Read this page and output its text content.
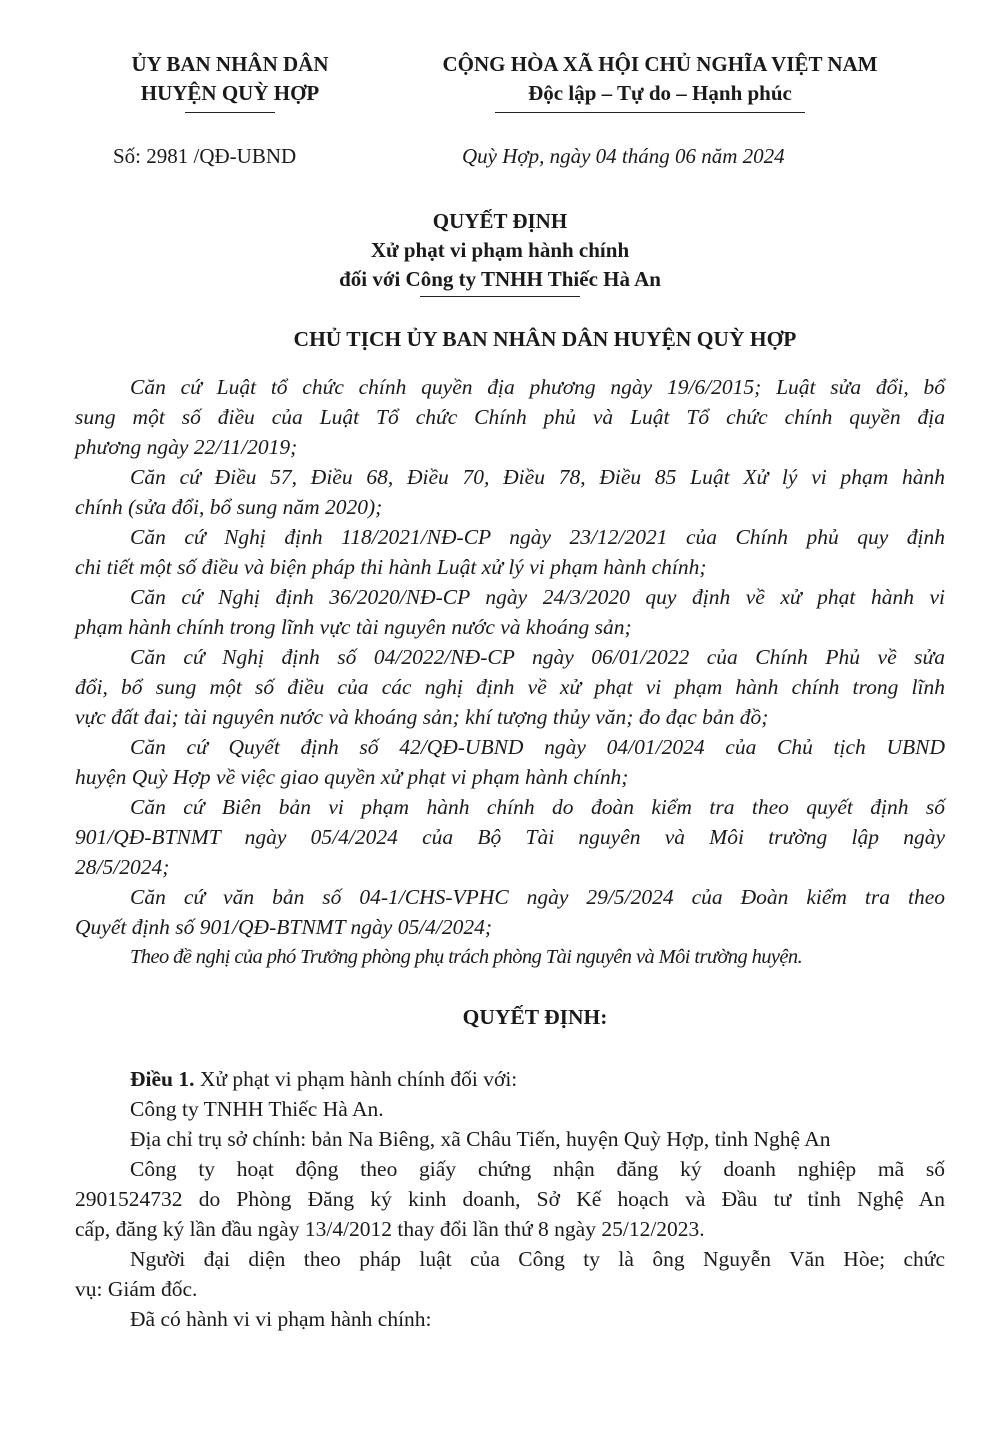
ỦY BAN NHÂN DÂN
HUYỆN QUỲ HỢP
CỘNG HÒA XÃ HỘI CHỦ NGHĨA VIỆT NAM
Độc lập – Tự do – Hạnh phúc
Số: 2981 /QĐ-UBND	Quỳ Hợp, ngày 04 tháng 06 năm 2024
QUYẾT ĐỊNH
Xử phạt vi phạm hành chính
đối với Công ty TNHH Thiếc Hà An
CHỦ TỊCH ỦY BAN NHÂN DÂN HUYỆN QUỲ HỢP
Căn cứ Luật tổ chức chính quyền địa phương ngày 19/6/2015; Luật sửa đổi, bổ
sung một số điều của Luật Tổ chức Chính phủ và Luật Tổ chức chính quyền địa
phương ngày 22/11/2019;
Căn cứ Điều 57, Điều 68, Điều 70, Điều 78, Điều 85 Luật Xử lý vi phạm hành
chính (sửa đổi, bổ sung năm 2020);
Căn cứ Nghị định 118/2021/NĐ-CP ngày 23/12/2021 của Chính phủ quy định
chi tiết một số điều và biện pháp thi hành Luật xử lý vi phạm hành chính;
Căn cứ Nghị định 36/2020/NĐ-CP ngày 24/3/2020 quy định về xử phạt hành vi
phạm hành chính trong lĩnh vực tài nguyên nước và khoáng sản;
Căn cứ Nghị định số 04/2022/NĐ-CP ngày 06/01/2022 của Chính Phủ về sửa
đổi, bổ sung một số điều của các nghị định về xử phạt vi phạm hành chính trong lĩnh
vực đất đai; tài nguyên nước và khoáng sản; khí tượng thủy văn; đo đạc bản đồ;
Căn cứ Quyết định số 42/QĐ-UBND ngày 04/01/2024 của Chủ tịch UBND
huyện Quỳ Hợp về việc giao quyền xử phạt vi phạm hành chính;
Căn cứ Biên bản vi phạm hành chính do đoàn kiểm tra theo quyết định số
901/QĐ-BTNMT ngày 05/4/2024 của Bộ Tài nguyên và Môi trường lập ngày
28/5/2024;
Căn cứ văn bản số 04-1/CHS-VPHC ngày 29/5/2024 của Đoàn kiểm tra theo
Quyết định số 901/QĐ-BTNMT ngày 05/4/2024;
Theo đề nghị của phó Trưởng phòng phụ trách phòng Tài nguyên và Môi trường huyện.
QUYẾT ĐỊNH:
Điều 1. Xử phạt vi phạm hành chính đối với:
Công ty TNHH Thiếc Hà An.
Địa chỉ trụ sở chính: bản Na Biêng, xã Châu Tiến, huyện Quỳ Hợp, tỉnh Nghệ An
Công ty hoạt động theo giấy chứng nhận đăng ký doanh nghiệp mã số
2901524732 do Phòng Đăng ký kinh doanh, Sở Kế hoạch và Đầu tư tỉnh Nghệ An
cấp, đăng ký lần đầu ngày 13/4/2012 thay đổi lần thứ 8 ngày 25/12/2023.
Người đại diện theo pháp luật của Công ty là ông Nguyễn Văn Hòe; chức
vụ: Giám đốc.
Đã có hành vi vi phạm hành chính:
